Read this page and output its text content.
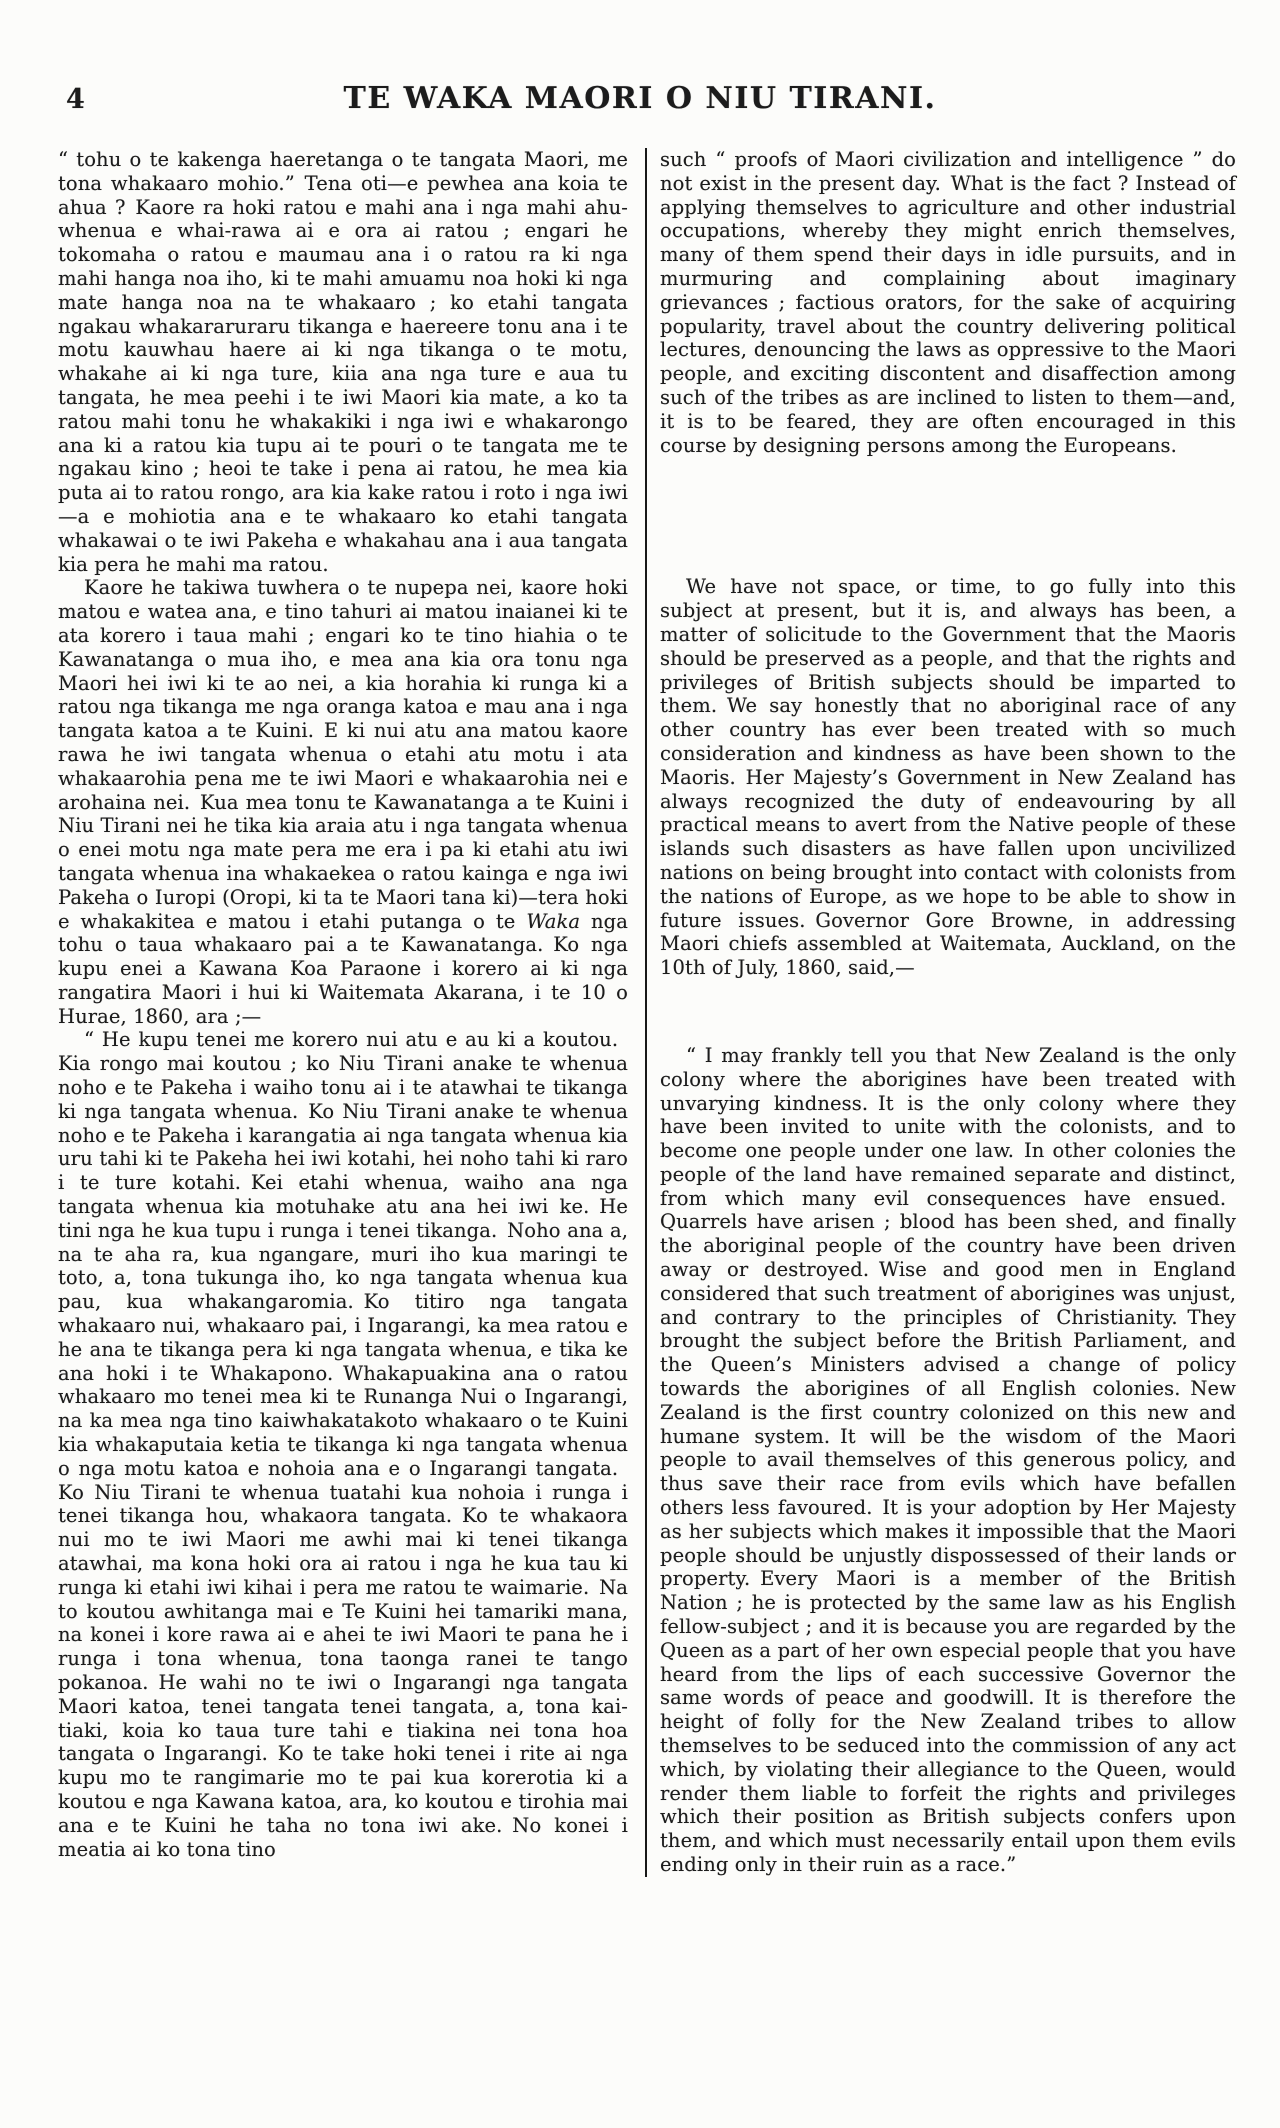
4	TE WAKA MAORI O NIU TIRANI.

“ tohu o te kakenga haeretanga o te tangata Maori, me tona whakaaro mohio.” Tena oti—e pewhea ana koia te ahua ? Kaore ra hoki ratou e mahi ana i nga mahi ahu-whenua e whai-rawa ai e ora ai ratou ; engari he tokomaha o ratou e maumau ana i o ratou ra ki nga mahi hanga noa iho, ki te mahi amuamu noa hoki ki nga mate hanga noa na te whakaaro ; ko etahi tangata ngakau whakararuraru tikanga e haereere tonu ana i te motu kauwhau haere ai ki nga tikanga o te motu, whakahe ai ki nga ture, kiia ana nga ture e aua tu tangata, he mea peehi i te iwi Maori kia mate, a ko ta ratou mahi tonu he whakakiki i nga iwi e whakarongo ana ki a ratou kia tupu ai te pouri o te tangata me te ngakau kino ; heoi te take i pena ai ratou, he mea kia puta ai to ratou rongo, ara kia kake ratou i roto i nga iwi—a e mohiotia ana e te whakaaro ko etahi tangata whakawai o te iwi Pakeha e whakahau ana i aua tangata kia pera he mahi ma ratou.

Kaore he takiwa tuwhera o te nupepa nei, kaore hoki matou e watea ana, e tino tahuri ai matou inaianei ki te ata korero i taua mahi ; engari ko te tino hiahia o te Kawanatanga o mua iho, e mea ana kia ora tonu nga Maori hei iwi ki te ao nei, a kia horahia ki runga ki a ratou nga tikanga me nga oranga katoa e mau ana i nga tangata katoa a te Kuini. E ki nui atu ana matou kaore rawa he iwi tangata whenua o etahi atu motu i ata whakaarohia pena me te iwi Maori e whakaarohia nei e arohaina nei. Kua mea tonu te Kawanatanga a te Kuini i Niu Tirani nei he tika kia araia atu i nga tangata whenua o enei motu nga mate pera me era i pa ki etahi atu iwi tangata whenua ina whakaekea o ratou kainga e nga iwi Pakeha o Iuropi (Oropi, ki ta te Maori tana ki)—tera hoki e whakakitea e matou i etahi putanga o te Waka nga tohu o taua whakaaro pai a te Kawanatanga. Ko nga kupu enei a Kawana Koa Paraone i korero ai ki nga rangatira Maori i hui ki Waitemata Akarana, i te 10 o Hurae, 1860, ara ;—

“ He kupu tenei me korero nui atu e au ki a koutou. Kia rongo mai koutou ; ko Niu Tirani anake te whenua noho e te Pakeha i waiho tonu ai i te atawhai te tikanga ki nga tangata whenua. Ko Niu Tirani anake te whenua noho e te Pakeha i karangatia ai nga tangata whenua kia uru tahi ki te Pakeha hei iwi kotahi, hei noho tahi ki raro i te ture kotahi. Kei etahi whenua, waiho ana nga tangata whenua kia motuhake atu ana hei iwi ke. He tini nga he kua tupu i runga i tenei tikanga. Noho ana a, na te aha ra, kua ngangare, muri iho kua maringi te toto, a, tona tukunga iho, ko nga tangata whenua kua pau, kua whakangaromia. Ko titiro nga tangata whakaaro nui, whakaaro pai, i Ingarangi, ka mea ratou e he ana te tikanga pera ki nga tangata whenua, e tika ke ana hoki i te Whakapono. Whakapuakina ana o ratou whakaaro mo tenei mea ki te Runanga Nui o Ingarangi, na ka mea nga tino kaiwhakatakoto whakaaro o te Kuini kia whakaputaia ketia te tikanga ki nga tangata whenua o nga motu katoa e nohoia ana e o Ingarangi tangata. Ko Niu Tirani te whenua tuatahi kua nohoia i runga i tenei tikanga hou, whakaora tangata. Ko te whakaora nui mo te iwi Maori me awhi mai ki tenei tikanga atawhai, ma kona hoki ora ai ratou i nga he kua tau ki runga ki etahi iwi kihai i pera me ratou te waimarie. Na to koutou awhitanga mai e Te Kuini hei tamariki mana, na konei i kore rawa ai e ahei te iwi Maori te pana he i runga i tona whenua, tona taonga ranei te tango pokanoa. He wahi no te iwi o Ingarangi nga tangata Maori katoa, tenei tangata tenei tangata, a, tona kai-tiaki, koia ko taua ture tahi e tiakina nei tona hoa tangata o Ingarangi. Ko te take hoki tenei i rite ai nga kupu mo te rangimarie mo te pai kua korerotia ki a koutou e nga Kawana katoa, ara, ko koutou e tirohia mai ana e te Kuini he taha no tona iwi ake. No konei i meatia ai ko tona tino

such “ proofs of Maori civilization and intelligence ” do not exist in the present day. What is the fact ? Instead of applying themselves to agriculture and other industrial occupations, whereby they might enrich themselves, many of them spend their days in idle pursuits, and in murmuring and complaining about imaginary grievances ; factious orators, for the sake of acquiring popularity, travel about the country delivering political lectures, denouncing the laws as oppressive to the Maori people, and exciting discontent and disaffection among such of the tribes as are inclined to listen to them—and, it is to be feared, they are often encouraged in this course by designing persons among the Europeans.

We have not space, or time, to go fully into this subject at present, but it is, and always has been, a matter of solicitude to the Government that the Maoris should be preserved as a people, and that the rights and privileges of British subjects should be imparted to them. We say honestly that no aboriginal race of any other country has ever been treated with so much consideration and kindness as have been shown to the Maoris. Her Majesty’s Government in New Zealand has always recognized the duty of endeavouring by all practical means to avert from the Native people of these islands such disasters as have fallen upon uncivilized nations on being brought into contact with colonists from the nations of Europe, as we hope to be able to show in future issues. Governor Gore Browne, in addressing Maori chiefs assembled at Waitemata, Auckland, on the 10th of July, 1860, said,—

“ I may frankly tell you that New Zealand is the only colony where the aborigines have been treated with unvarying kindness. It is the only colony where they have been invited to unite with the colonists, and to become one people under one law. In other colonies the people of the land have remained separate and distinct, from which many evil consequences have ensued. Quarrels have arisen ; blood has been shed, and finally the aboriginal people of the country have been driven away or destroyed. Wise and good men in England considered that such treatment of aborigines was unjust, and contrary to the principles of Christianity. They brought the subject before the British Parliament, and the Queen’s Ministers advised a change of policy towards the aborigines of all English colonies. New Zealand is the first country colonized on this new and humane system. It will be the wisdom of the Maori people to avail themselves of this generous policy, and thus save their race from evils which have befallen others less favoured. It is your adoption by Her Majesty as her subjects which makes it impossible that the Maori people should be unjustly dispossessed of their lands or property. Every Maori is a member of the British Nation ; he is protected by the same law as his English fellow-subject ; and it is because you are regarded by the Queen as a part of her own especial people that you have heard from the lips of each successive Governor the same words of peace and goodwill. It is therefore the height of folly for the New Zealand tribes to allow themselves to be seduced into the commission of any act which, by violating their allegiance to the Queen, would render them liable to forfeit the rights and privileges which their position as British subjects confers upon them, and which must necessarily entail upon them evils ending only in their ruin as a race.”
